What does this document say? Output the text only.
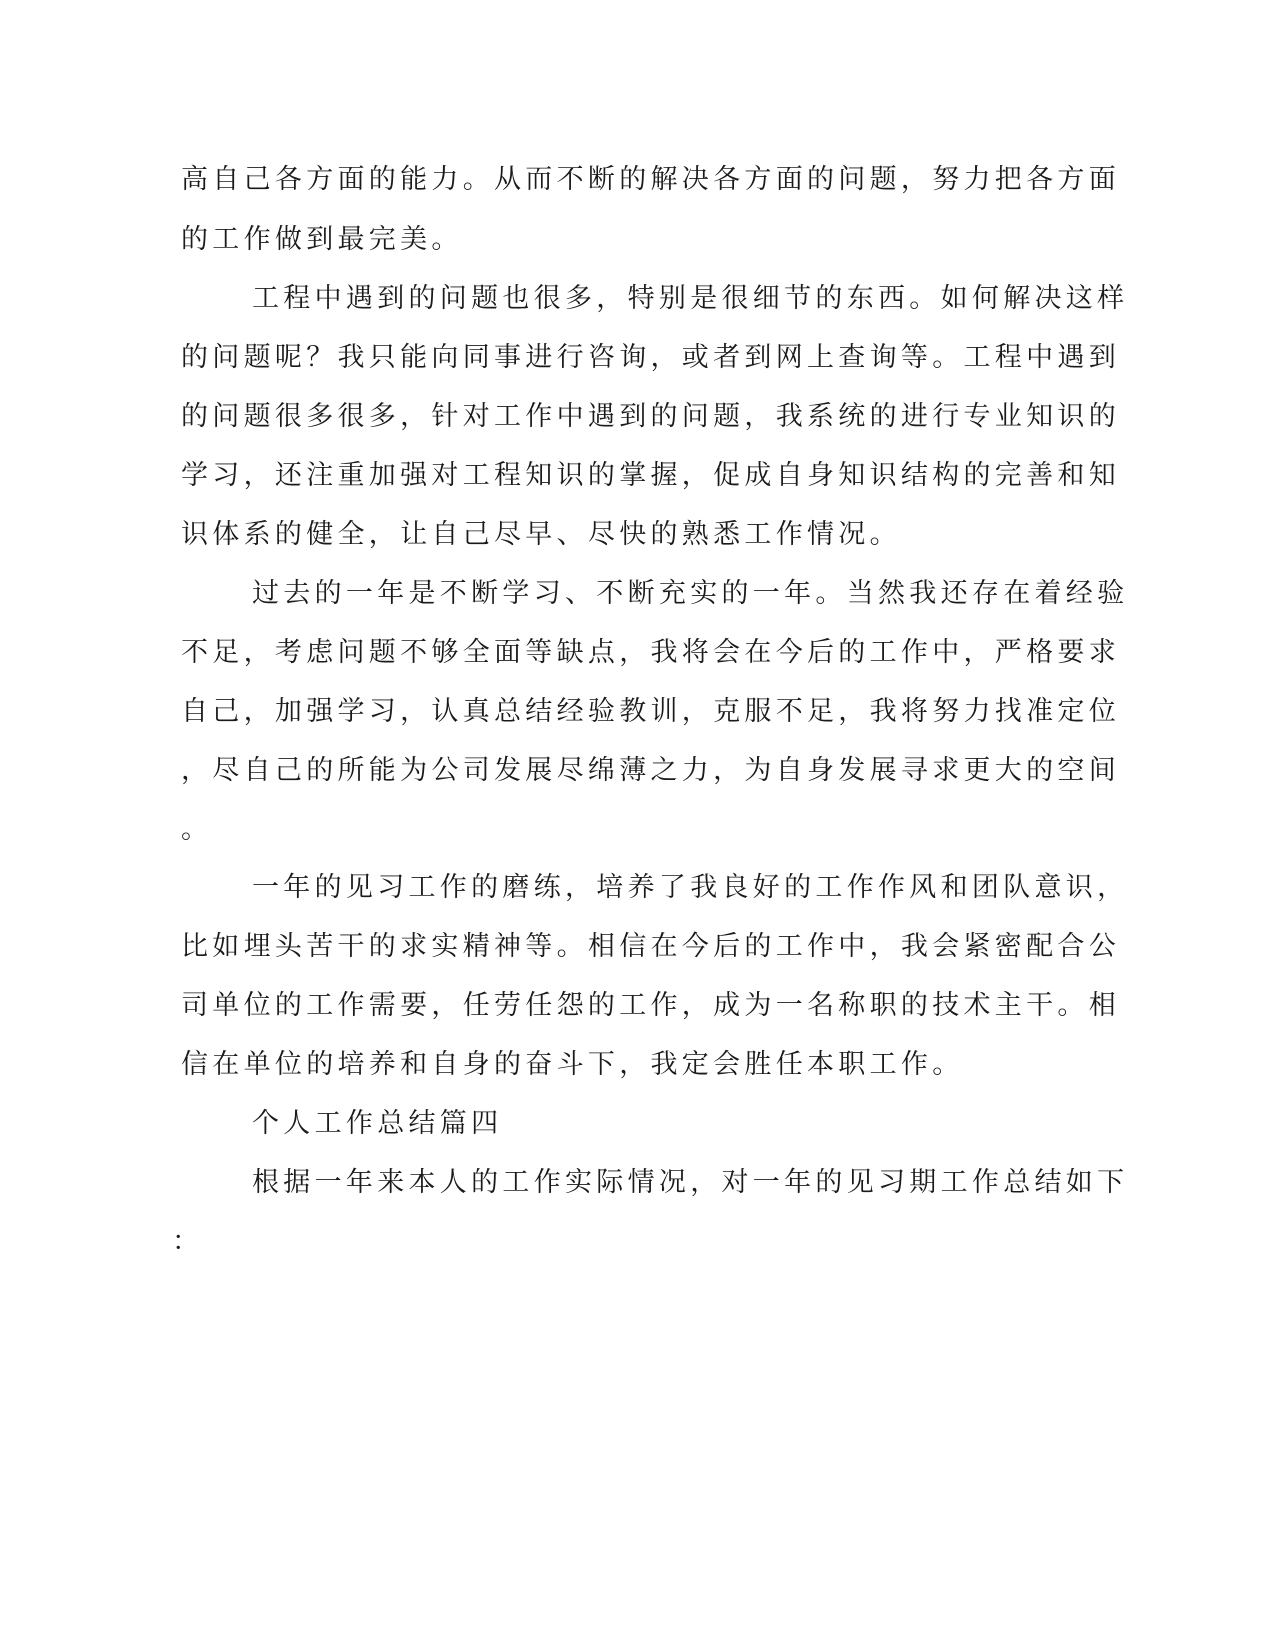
高自己各方面的能力。从而不断的解决各方面的问题，努力把各方面

的工作做到最完美。

工程中遇到的问题也很多，特别是很细节的东西。如何解决这样

的问题呢？我只能向同事进行咨询，或者到网上查询等。工程中遇到

的问题很多很多，针对工作中遇到的问题，我系统的进行专业知识的

学习，还注重加强对工程知识的掌握，促成自身知识结构的完善和知

识体系的健全，让自己尽早、尽快的熟悉工作情况。

过去的一年是不断学习、不断充实的一年。当然我还存在着经验

不足，考虑问题不够全面等缺点，我将会在今后的工作中，严格要求

自己，加强学习，认真总结经验教训，克服不足，我将努力找准定位

，尽自己的所能为公司发展尽绵薄之力，为自身发展寻求更大的空间

。

一年的见习工作的磨练，培养了我良好的工作作风和团队意识，

比如埋头苦干的求实精神等。相信在今后的工作中，我会紧密配合公

司单位的工作需要，任劳任怨的工作，成为一名称职的技术主干。相

信在单位的培养和自身的奋斗下，我定会胜任本职工作。

个人工作总结篇四

根据一年来本人的工作实际情况，对一年的见习期工作总结如下

：
